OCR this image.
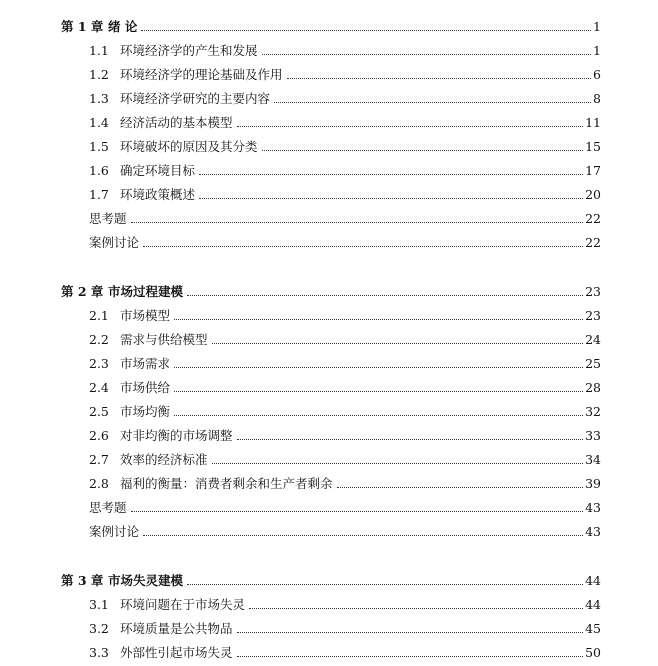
第 1 章 绪 论	1
1.1 环境经济学的产生和发展	1
1.2 环境经济学的理论基础及作用	6
1.3 环境经济学研究的主要内容	8
1.4 经济活动的基本模型	11
1.5 环境破坏的原因及其分类	15
1.6 确定环境目标	17
1.7 环境政策概述	20
思考题	22
案例讨论	22
第 2 章 市场过程建模	23
2.1 市场模型	23
2.2 需求与供给模型	24
2.3 市场需求	25
2.4 市场供给	28
2.5 市场均衡	32
2.6 对非均衡的市场调整	33
2.7 效率的经济标准	34
2.8 福利的衡量：消费者剩余和生产者剩余	39
思考题	43
案例讨论	43
第 3 章 市场失灵建模	44
3.1 环境问题在于市场失灵	44
3.2 环境质量是公共物品	45
3.3 外部性引起市场失灵	50
